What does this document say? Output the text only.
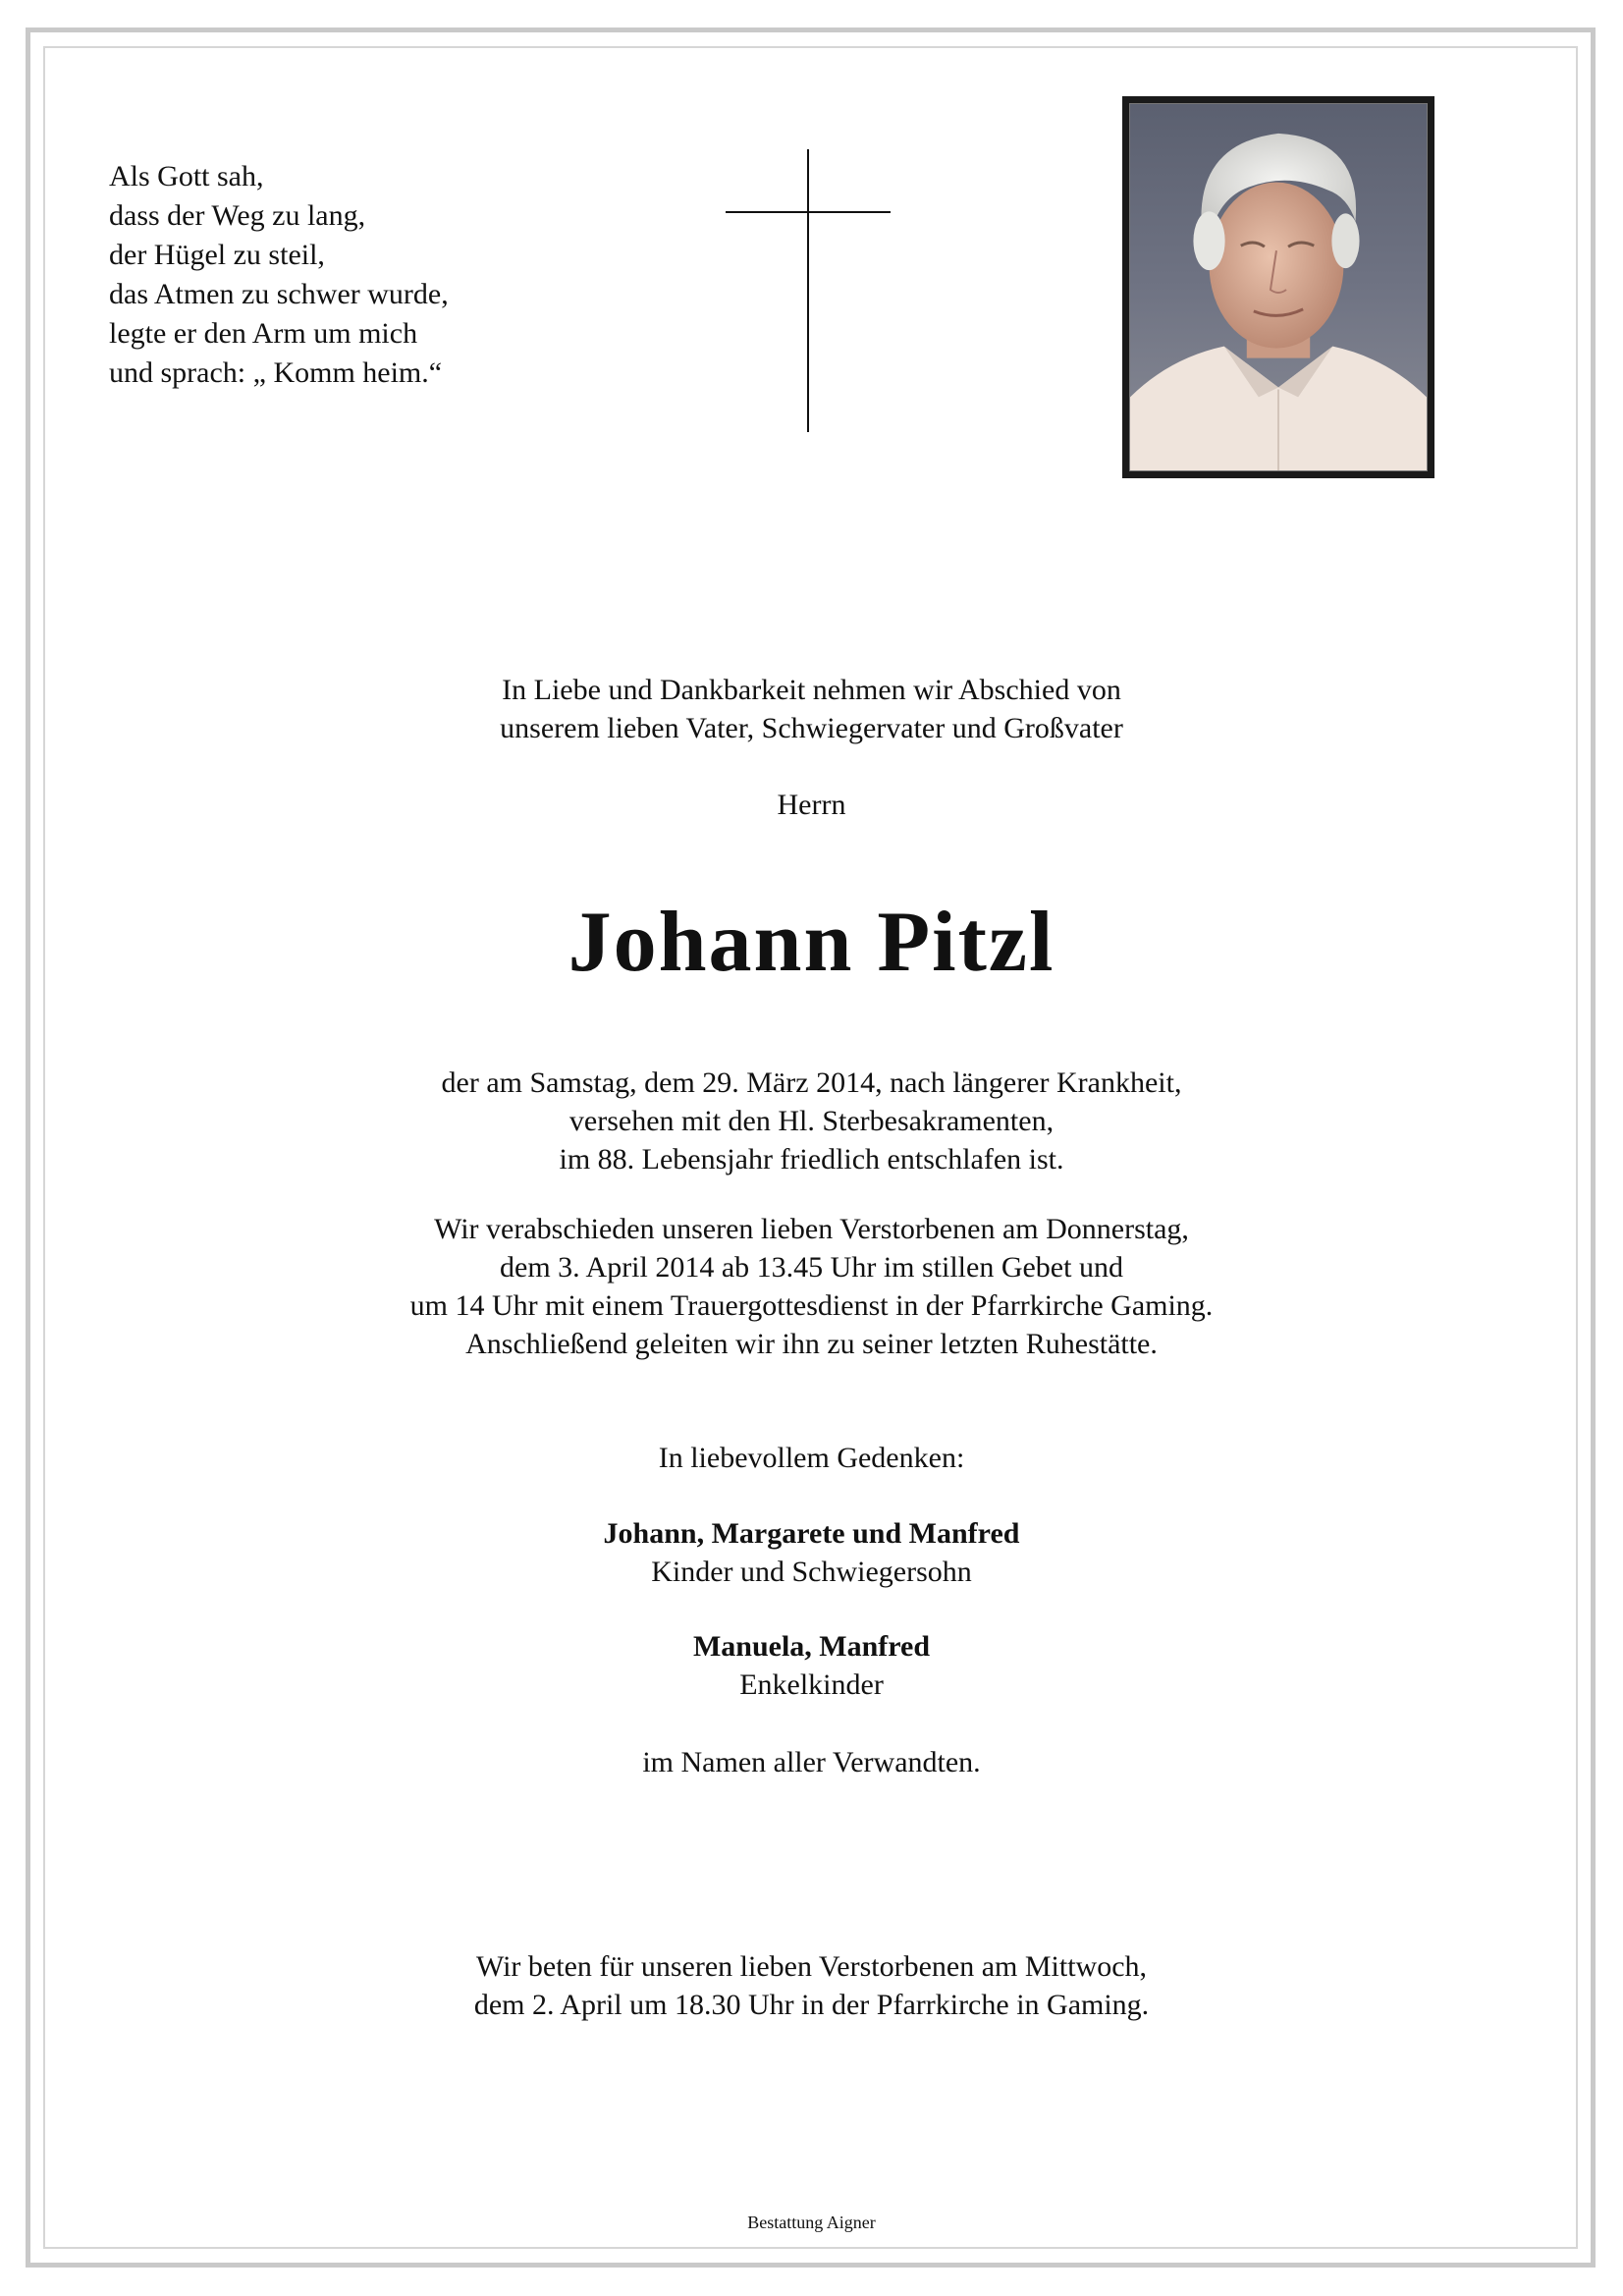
Als Gott sah,
dass der Weg zu lang,
der Hügel zu steil,
das Atmen zu schwer wurde,
legte er den Arm um mich
und sprach: „ Komm heim.“
In Liebe und Dankbarkeit nehmen wir Abschied von
unserem lieben Vater, Schwiegervater und Großvater
Herrn
Johann Pitzl
der am Samstag, dem 29. März 2014, nach längerer Krankheit,
versehen mit den Hl. Sterbesakramenten,
im 88. Lebensjahr friedlich entschlafen ist.
Wir verabschieden unseren lieben Verstorbenen am Donnerstag,
dem 3. April 2014 ab 13.45 Uhr im stillen Gebet und
um 14 Uhr mit einem Trauergottesdienst in der Pfarrkirche Gaming.
Anschließend geleiten wir ihn zu seiner letzten Ruhestätte.
In liebevollem Gedenken:
Johann, Margarete und Manfred
Kinder und Schwiegersohn
Manuela, Manfred
Enkelkinder
im Namen aller Verwandten.
Wir beten für unseren lieben Verstorbenen am Mittwoch,
dem 2. April um 18.30 Uhr in der Pfarrkirche in Gaming.
Bestattung Aigner
